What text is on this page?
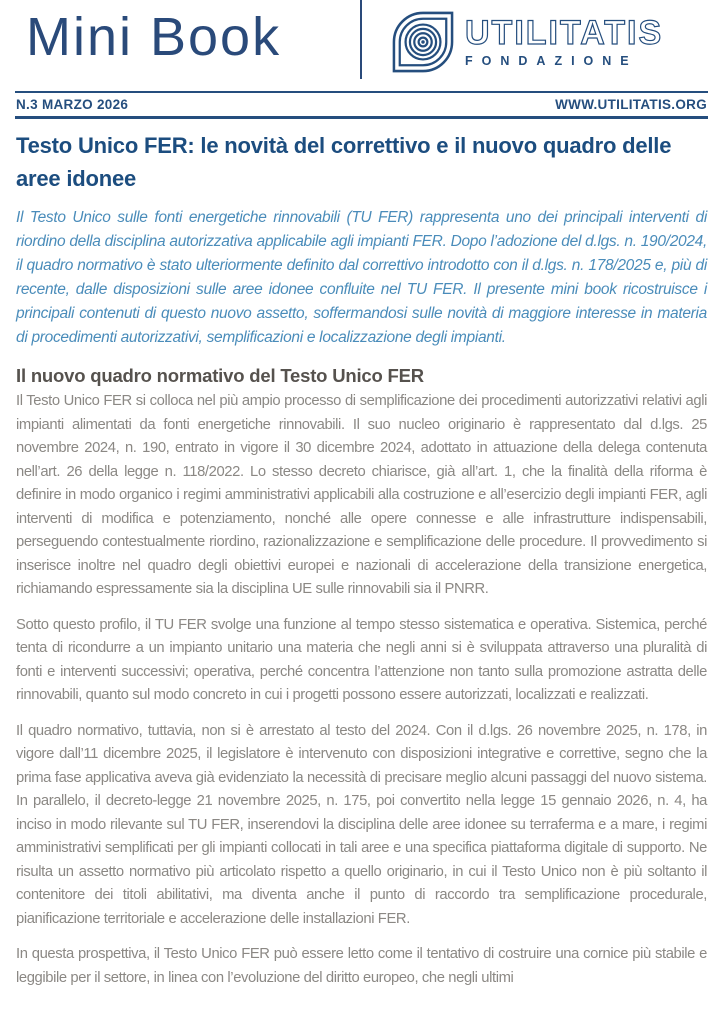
Mini Book	UTILITATIS
FONDAZIONE
N.3 MARZO 2026	WWW.UTILITATIS.ORG
Testo Unico FER: le novità del correttivo e il nuovo quadro delle aree idonee

Il Testo Unico sulle fonti energetiche rinnovabili (TU FER) rappresenta uno dei principali interventi di riordino della disciplina autorizzativa applicabile agli impianti FER. Dopo l’adozione del d.lgs. n. 190/2024, il quadro normativo è stato ulteriormente definito dal correttivo introdotto con il d.lgs. n. 178/2025 e, più di recente, dalle disposizioni sulle aree idonee confluite nel TU FER. Il presente mini book ricostruisce i principali contenuti di questo nuovo assetto, soffermandosi sulle novità di maggiore interesse in materia di procedimenti autorizzativi, semplificazioni e localizzazione degli impianti.

Il nuovo quadro normativo del Testo Unico FER

Il Testo Unico FER si colloca nel più ampio processo di semplificazione dei procedimenti autorizzativi relativi agli impianti alimentati da fonti energetiche rinnovabili. Il suo nucleo originario è rappresentato dal d.lgs. 25 novembre 2024, n. 190, entrato in vigore il 30 dicembre 2024, adottato in attuazione della delega contenuta nell’art. 26 della legge n. 118/2022. Lo stesso decreto chiarisce, già all’art. 1, che la finalità della riforma è definire in modo organico i regimi amministrativi applicabili alla costruzione e all’esercizio degli impianti FER, agli interventi di modifica e potenziamento, nonché alle opere connesse e alle infrastrutture indispensabili, perseguendo contestualmente riordino, razionalizzazione e semplificazione delle procedure. Il provvedimento si inserisce inoltre nel quadro degli obiettivi europei e nazionali di accelerazione della transizione energetica, richiamando espressamente sia la disciplina UE sulle rinnovabili sia il PNRR.

Sotto questo profilo, il TU FER svolge una funzione al tempo stesso sistematica e operativa. Sistemica, perché tenta di ricondurre a un impianto unitario una materia che negli anni si è sviluppata attraverso una pluralità di fonti e interventi successivi; operativa, perché concentra l’attenzione non tanto sulla promozione astratta delle rinnovabili, quanto sul modo concreto in cui i progetti possono essere autorizzati, localizzati e realizzati.

Il quadro normativo, tuttavia, non si è arrestato al testo del 2024. Con il d.lgs. 26 novembre 2025, n. 178, in vigore dall’11 dicembre 2025, il legislatore è intervenuto con disposizioni integrative e correttive, segno che la prima fase applicativa aveva già evidenziato la necessità di precisare meglio alcuni passaggi del nuovo sistema. In parallelo, il decreto-legge 21 novembre 2025, n. 175, poi convertito nella legge 15 gennaio 2026, n. 4, ha inciso in modo rilevante sul TU FER, inserendovi la disciplina delle aree idonee su terraferma e a mare, i regimi amministrativi semplificati per gli impianti collocati in tali aree e una specifica piattaforma digitale di supporto. Ne risulta un assetto normativo più articolato rispetto a quello originario, in cui il Testo Unico non è più soltanto il contenitore dei titoli abilitativi, ma diventa anche il punto di raccordo tra semplificazione procedurale, pianificazione territoriale e accelerazione delle installazioni FER.

In questa prospettiva, il Testo Unico FER può essere letto come il tentativo di costruire una cornice più stabile e leggibile per il settore, in linea con l’evoluzione del diritto europeo, che negli ultimi
